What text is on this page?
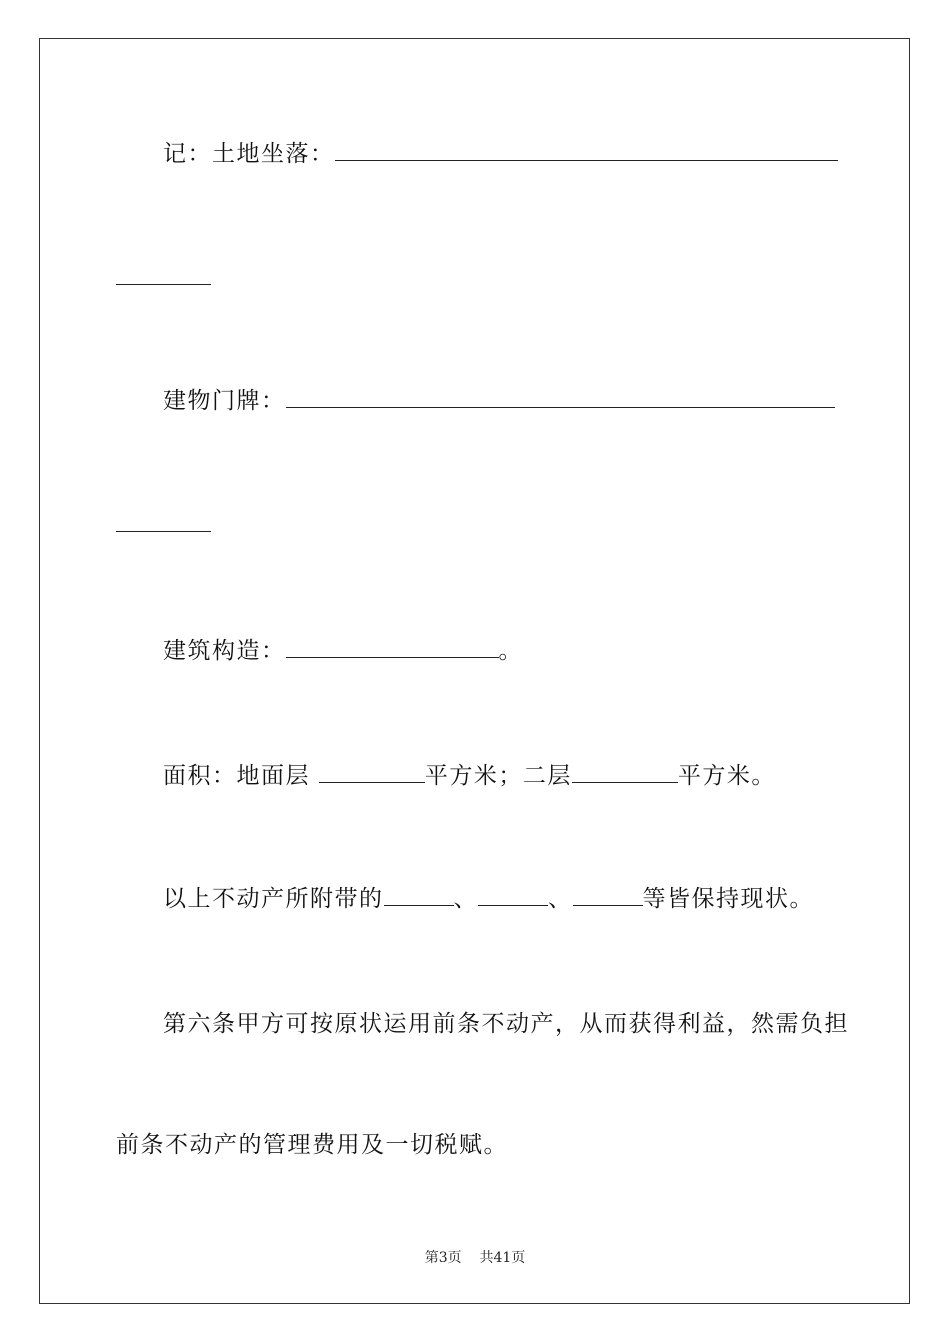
记：土地坐落：
建物门牌：
建筑构造：	。
面积：地面层	平方米；二层	平方米。
以上不动产所附带的	、	、	等皆保持现状。
第六条甲方可按原状运用前条不动产，从而获得利益，然需负担
前条不动产的管理费用及一切税赋。
第3页 共41页
